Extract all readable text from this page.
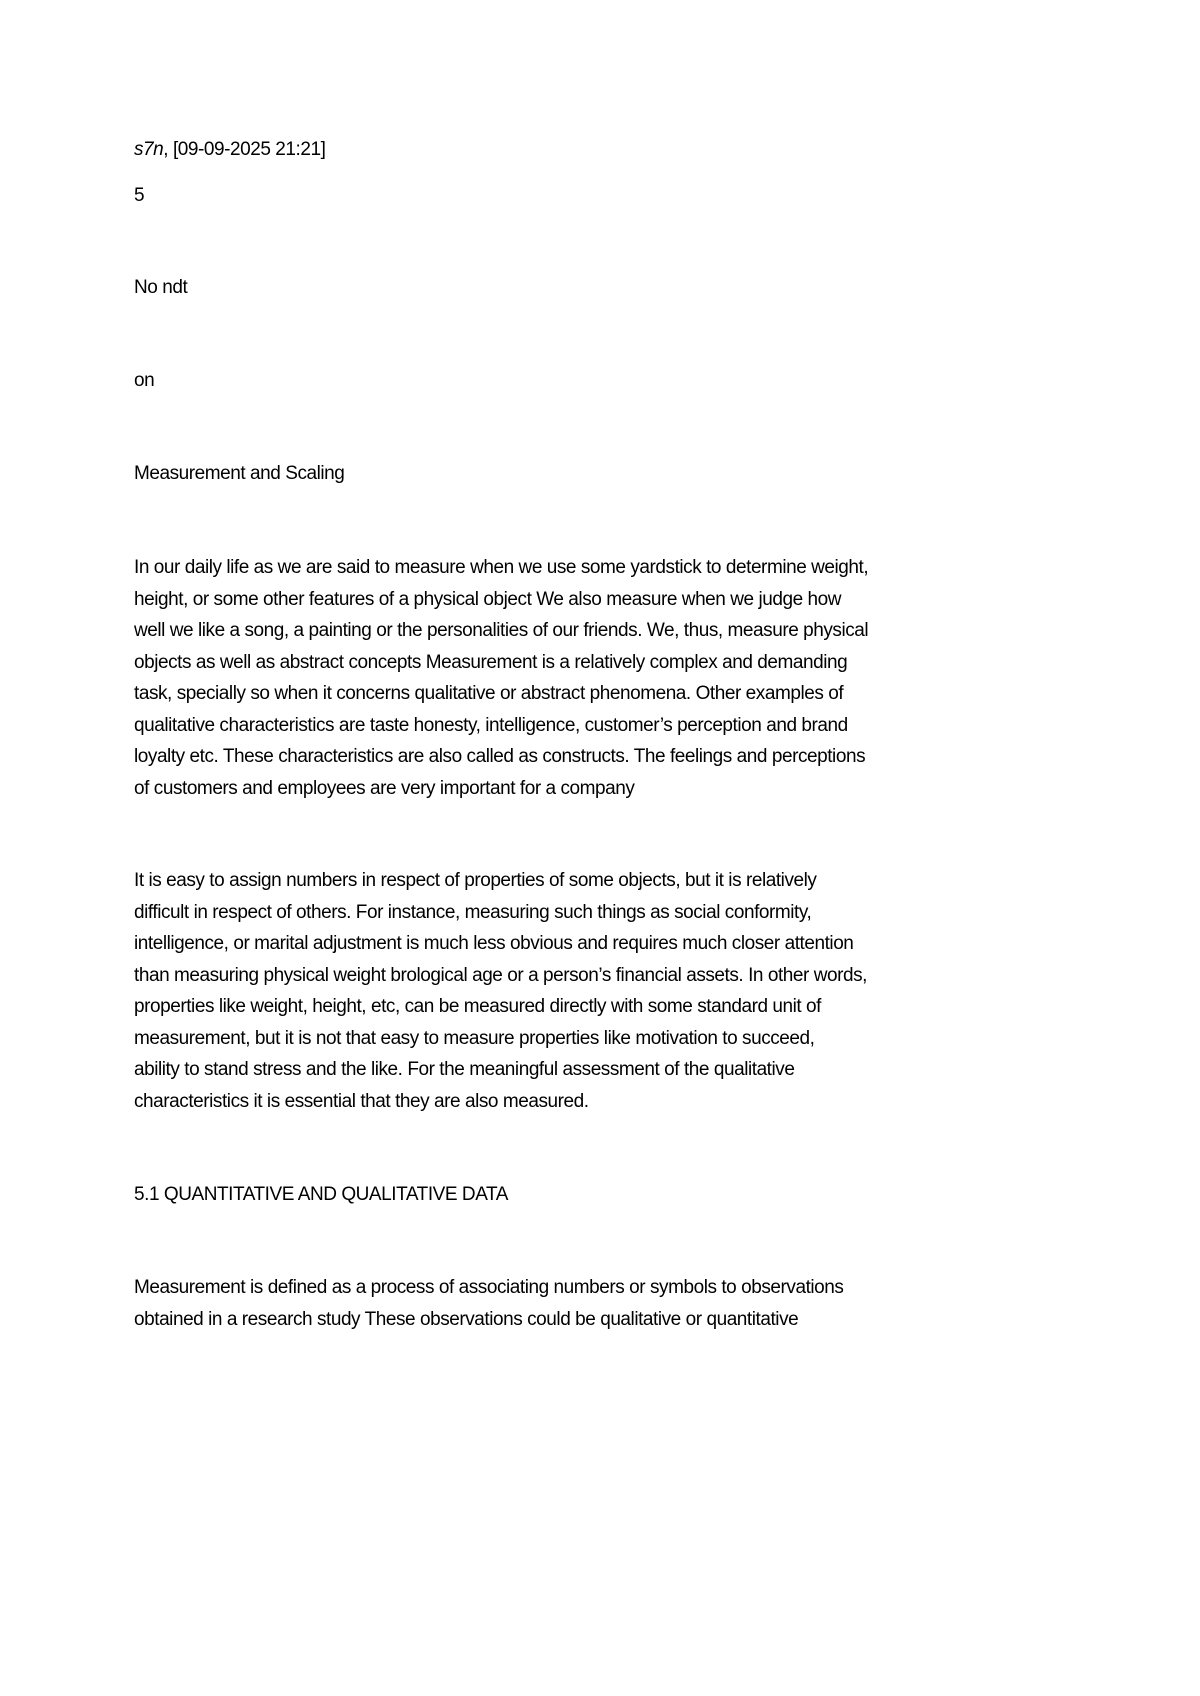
s7n, [09-09-2025 21:21]
5
No ndt
on
Measurement and Scaling
In our daily life as we are said to measure when we use some yardstick to determine weight,
height, or some other features of a physical object We also measure when we judge how
well we like a song, a painting or the personalities of our friends. We, thus, measure physical
objects as well as abstract concepts Measurement is a relatively complex and demanding
task, specially so when it concerns qualitative or abstract phenomena. Other examples of
qualitative characteristics are taste honesty, intelligence, customer’s perception and brand
loyalty etc. These characteristics are also called as constructs. The feelings and perceptions
of customers and employees are very important for a company
It is easy to assign numbers in respect of properties of some objects, but it is relatively
difficult in respect of others. For instance, measuring such things as social conformity,
intelligence, or marital adjustment is much less obvious and requires much closer attention
than measuring physical weight brological age or a person’s financial assets. In other words,
properties like weight, height, etc, can be measured directly with some standard unit of
measurement, but it is not that easy to measure properties like motivation to succeed,
ability to stand stress and the like. For the meaningful assessment of the qualitative
characteristics it is essential that they are also measured.
5.1 QUANTITATIVE AND QUALITATIVE DATA
Measurement is defined as a process of associating numbers or symbols to observations
obtained in a research study These observations could be qualitative or quantitative
